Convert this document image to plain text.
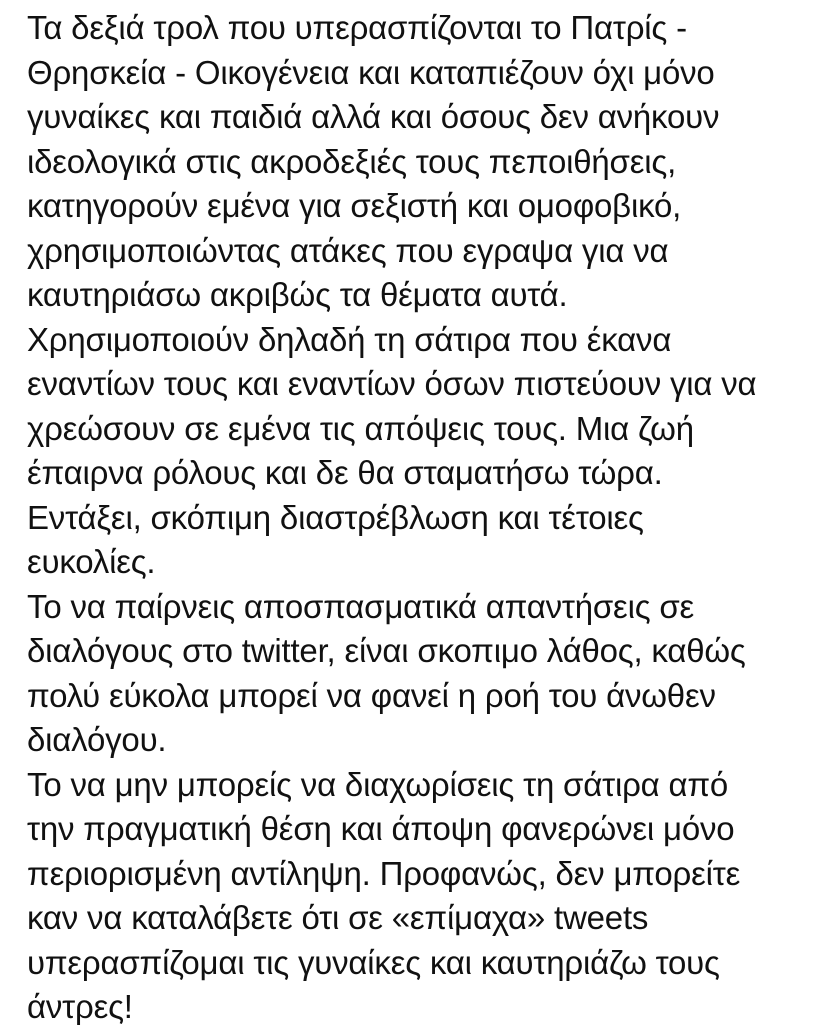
Τα δεξιά τρολ που υπερασπίζονται το Πατρίς -
Θρησκεία - Οικογένεια και καταπιέζουν όχι μόνο
γυναίκες και παιδιά αλλά και όσους δεν ανήκουν
ιδεολογικά στις ακροδεξιές τους πεποιθήσεις,
κατηγορούν εμένα για σεξιστή και ομοφοβικό,
χρησιμοποιώντας ατάκες που εγραψα για να
καυτηριάσω ακριβώς τα θέματα αυτά.
Χρησιμοποιούν δηλαδή τη σάτιρα που έκανα
εναντίων τους και εναντίων όσων πιστεύουν για να
χρεώσουν σε εμένα τις απόψεις τους. Μια ζωή
έπαιρνα ρόλους και δε θα σταματήσω τώρα.
Εντάξει, σκόπιμη διαστρέβλωση και τέτοιες
ευκολίες.
Το να παίρνεις αποσπασματικά απαντήσεις σε
διαλόγους στο twitter, είναι σκοπιμο λάθος, καθώς
πολύ εύκολα μπορεί να φανεί η ροή του άνωθεν
διαλόγου.
Το να μην μπορείς να διαχωρίσεις τη σάτιρα από
την πραγματική θέση και άποψη φανερώνει μόνο
περιορισμένη αντίληψη. Προφανώς, δεν μπορείτε
καν να καταλάβετε ότι σε «επίμαχα» tweets
υπερασπίζομαι τις γυναίκες και καυτηριάζω τους
άντρες!
